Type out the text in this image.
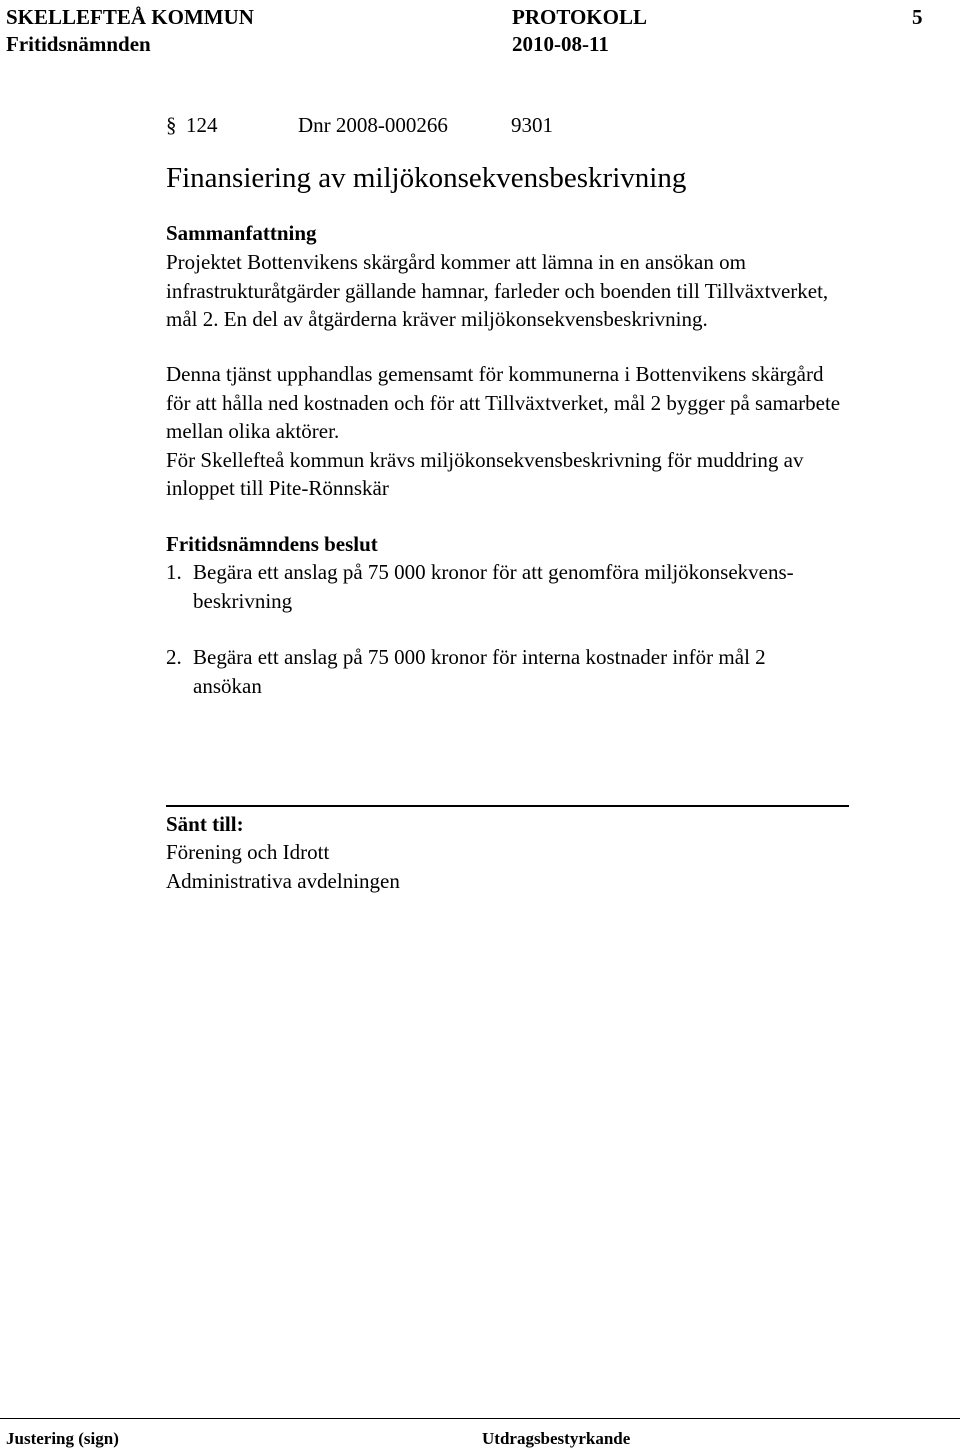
SKELLEFTEÅ KOMMUN	PROTOKOLL	5
Fritidsnämnden	2010-08-11
§ 124	Dnr 2008-000266	9301
Finansiering av miljökonsekvensbeskrivning
Sammanfattning
Projektet Bottenvikens skärgård kommer att lämna in en ansökan om
infrastrukturåtgärder gällande hamnar, farleder och boenden till Tillväxtverket,
mål 2. En del av åtgärderna kräver miljökonsekvensbeskrivning.
Denna tjänst upphandlas gemensamt för kommunerna i Bottenvikens skärgård
för att hålla ned kostnaden och för att Tillväxtverket, mål 2 bygger på samarbete
mellan olika aktörer.
För Skellefteå kommun krävs miljökonsekvensbeskrivning för muddring av
inloppet till Pite-Rönnskär
Fritidsnämndens beslut
1. Begära ett anslag på 75 000 kronor för att genomföra miljökonsekvens-
beskrivning
2. Begära ett anslag på 75 000 kronor för interna kostnader inför mål 2
ansökan
Sänt till:
Förening och Idrott
Administrativa avdelningen
Justering (sign)	Utdragsbestyrkande
